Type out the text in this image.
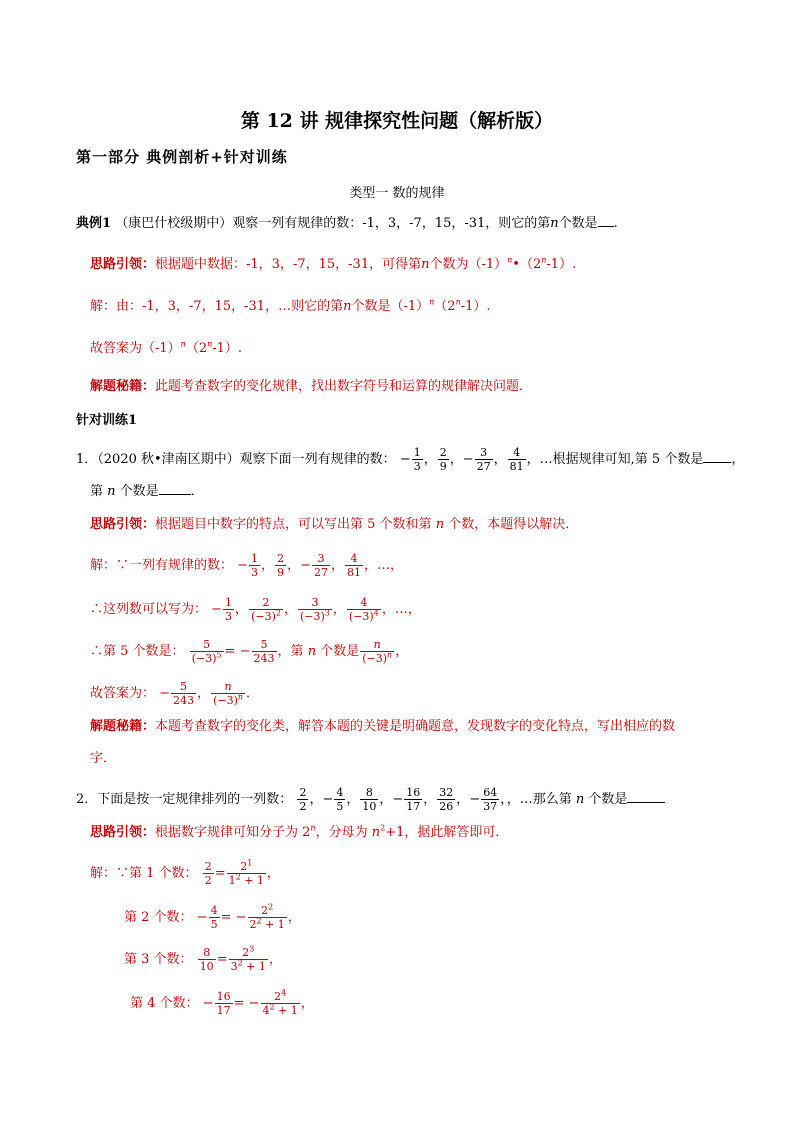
第 12 讲 规律探究性问题（解析版）
第一部分 典例剖析+针对训练
类型一 数的规律
典例1 （康巴什校级期中）观察一列有规律的数：-1，3，-7，15，-31，则它的第n个数是 .
思路引领：根据题中数据：-1，3，-7，15，-31，可得第n个数为$(-1)^n•(2^n-1)$.
解：由：-1，3，-7，15，-31，…则它的第n个数是$(-1)^n(2^n-1)$.
故答案为$(-1)^n(2^n-1)$.
解题秘籍：此题考查数字的变化规律，找出数字符号和运算的规律解决问题．
针对训练1
1．（2020 秋•津南区期中）观察下面一列有规律的数： − $\frac{1}{3}$ ， $\frac{2}{9}$ ，− $\frac{3}{27}$ ， $\frac{4}{81}$ ，…根据规律可知,第 5 个数是 ，
第 n 个数是 ．
思路引领：根据题目中数字的特点，可以写出第 5 个数和第 n 个数，本题得以解决．
解：∵一列有规律的数： − $\frac{1}{3}$ ， $\frac{2}{9}$ ，− $\frac{3}{27}$ ， $\frac{4}{81}$ ，…，
∴这列数可以写为： − $\frac{1}{3}$ ， $\frac{2}{(-3)^2}$ ， $\frac{3}{(-3)^3}$ ， $\frac{4}{(-3)^4}$ ，…，
∴第 5 个数是： $\frac{5}{(-3)^5}$ = − $\frac{5}{243}$ ，第 n 个数是 $\frac{n}{(-3)^n}$ ，
故答案为： − $\frac{5}{243}$ ， $\frac{n}{(-3)^n}$ ．
解题秘籍：本题考查数字的变化类，解答本题的关键是明确题意，发现数字的变化特点，写出相应的数
字．
2．下面是按一定规律排列的一列数： $\frac{2}{2}$ ，− $\frac{4}{5}$ ， $\frac{8}{10}$ ，− $\frac{16}{17}$ ， $\frac{32}{26}$ ，− $\frac{64}{37}$ ，，…那么第 n 个数是
思路引领：根据数字规律可知分子为 2$^n$，分母为 $n^2+1$，据此解答即可．
解：∵第 1 个数： $\frac{2}{2} = \frac{2^1}{1^2 + 1}$ ，
第 2 个数： − $\frac{4}{5}$ = − $\frac{2^2}{2^2 + 1}$ ，
第 3 个数： $\frac{8}{10} = \frac{2^3}{3^2 + 1}$ ，
第 4 个数： − $\frac{16}{17}$ = − $\frac{2^4}{4^2 + 1}$ ，
